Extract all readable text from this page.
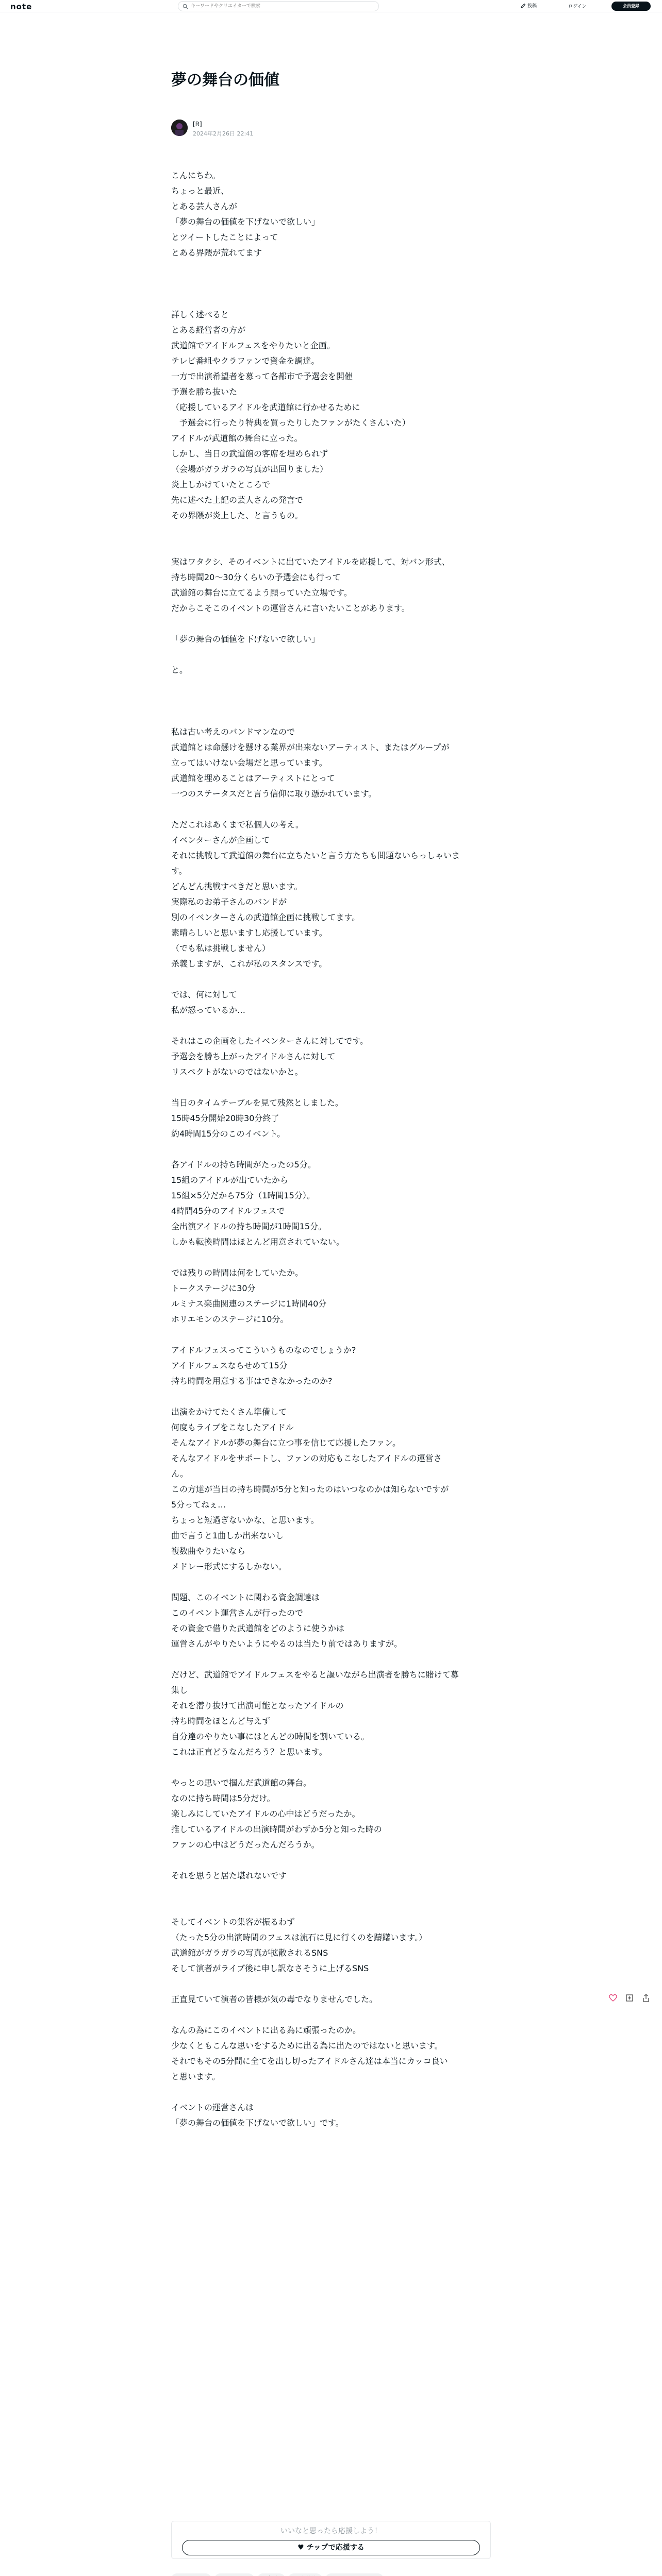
note
キーワードやクリエイターで検索	投稿	ログイン	会員登録
夢の舞台の価値
[R]
2024年2月26日 22:41
こんにちわ。
ちょっと最近、
とある芸人さんが
「夢の舞台の価値を下げないで欲しい」
とツイートしたことによって
とある界隈が荒れてます
詳しく述べると
とある経営者の方が
武道館でアイドルフェスをやりたいと企画。
テレビ番組やクラファンで資金を調達。
一方で出演希望者を募って各都市で予選会を開催
予選を勝ち抜いた
（応援しているアイドルを武道館に行かせるために
　予選会に行ったり特典を買ったりしたファンがたくさんいた）
アイドルが武道館の舞台に立った。
しかし、当日の武道館の客席を埋められず
（会場がガラガラの写真が出回りました）
炎上しかけていたところで
先に述べた上記の芸人さんの発言で
その界隈が炎上した、と言うもの。
実はワタクシ、そのイベントに出ていたアイドルを応援して、対バン形式、
持ち時間20〜30分くらいの予選会にも行って
武道館の舞台に立てるよう願っていた立場です。
だからこそこのイベントの運営さんに言いたいことがあります。
「夢の舞台の価値を下げないで欲しい」
と。
私は古い考えのバンドマンなので
武道館とは命懸けを懸ける業界が出来ないアーティスト、またはグループが
立ってはいけない会場だと思っています。
武道館を埋めることはアーティストにとって
一つのステータスだと言う信仰に取り憑かれています。
ただこれはあくまで私個人の考え。
イベンターさんが企画して
それに挑戦して武道館の舞台に立ちたいと言う方たちも問題ないらっしゃいま
す。
どんどん挑戦すべきだと思います。
実際私のお弟子さんのバンドが
別のイベンターさんの武道館企画に挑戦してます。
素晴らしいと思いますし応援しています。
（でも私は挑戦しません）
杀義しますが、これが私のスタンスです。
では、何に対して
私が怒っているか…
それはこの企画をしたイベンターさんに対してです。
予選会を勝ち上がったアイドルさんに対して
リスペクトがないのではないかと。
当日のタイムテーブルを見て残然としました。
15時45分開始20時30分終了
約4時間15分のこのイベント。
各アイドルの持ち時間がたったの5分。
15組のアイドルが出ていたから
15組×5分だから75分（1時間15分）。
4時間45分のアイドルフェスで
全出演アイドルの持ち時間が1時間15分。
しかも転換時間はほとんど用意されていない。
では残りの時間は何をしていたか。
トークステージに30分
ルミナス楽曲関連のステージに1時間40分
ホリエモンのステージに10分。
アイドルフェスってこういうものなのでしょうか?
アイドルフェスならせめて15分
持ち時間を用意する事はできなかったのか?
出演をかけてたくさん準備して
何度もライブをこなしたアイドル
そんなアイドルが夢の舞台に立つ事を信じて応援したファン。
そんなアイドルをサポートし、ファンの対応もこなしたアイドルの運営さ
ん。
この方達が当日の持ち時間が5分と知ったのはいつなのかは知らないですが
5分ってねぇ…
ちょっと短過ぎないかな、と思います。
曲で言うと1曲しか出来ないし
複数曲やりたいなら
メドレー形式にするしかない。
問題、このイベントに関わる資金調達は
このイベント運営さんが行ったので
その資金で借りた武道館をどのように使うかは
運営さんがやりたいようにやるのは当たり前ではありますが。
だけど、武道館でアイドルフェスをやると謳いながら出演者を勝ちに賭けて募
集し
それを潜り抜けて出演可能となったアイドルの
持ち時間をほとんど与えず
自分達のやりたい事にはとんどの時間を割いている。
これは正直どうなんだろう？と思います。
やっとの思いで掴んだ武道館の舞台。
なのに持ち時間は5分だけ。
楽しみにしていたアイドルの心中はどうだったか。
推しているアイドルの出演時間がわずか5分と知った時の
ファンの心中はどうだったんだろうか。
それを思うと居た堪れないです
そしてイベントの集客が振るわず
（たった5分の出演時間のフェスは流石に見に行くのを躊躇います。）
武道館がガラガラの写真が拡散されるSNS
そして演者がライブ後に申し訳なさそうに上げるSNS
正直見ていて演者の皆様が気の毒でなりませんでした。
なんの為にこのイベントに出る為に頑張ったのか。
少なくともこんな思いをするために出る為に出たのではないと思います。
それでもその5分間に全てを出し切ったアイドルさん達は本当にカッコ良い
と思います。
イベントの運営さんは
「夢の舞台の価値を下げないで欲しい」です。
いいなと思ったら応援しよう！
♥ チップで応援する
